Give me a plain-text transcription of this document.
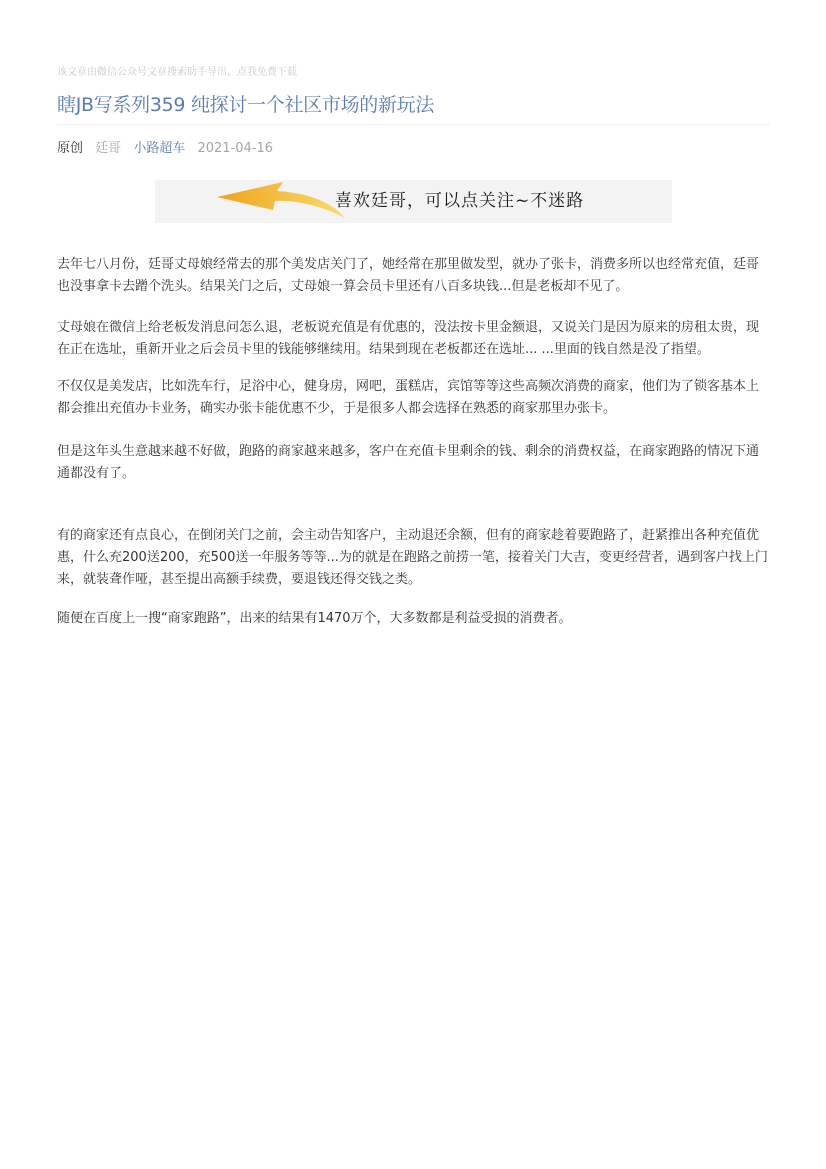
该文章由微信公众号文章搜索助手导出，点我免费下载
瞎JB写系列359 纯探讨一个社区市场的新玩法
原创 廷哥 小路超车 2021-04-16
喜欢廷哥，可以点关注~不迷路

去年七八月份，廷哥丈母娘经常去的那个美发店关门了，她经常在那里做发型，就办了张卡，消费多所以也经常充值，廷哥也没事拿卡去蹭个洗头。结果关门之后，丈母娘一算会员卡里还有八百多块钱...但是老板却不见了。

丈母娘在微信上给老板发消息问怎么退，老板说充值是有优惠的，没法按卡里金额退，又说关门是因为原来的房租太贵，现在正在选址，重新开业之后会员卡里的钱能够继续用。结果到现在老板都还在选址... ...里面的钱自然是没了指望。

不仅仅是美发店，比如洗车行，足浴中心，健身房，网吧，蛋糕店，宾馆等等这些高频次消费的商家，他们为了锁客基本上都会推出充值办卡业务，确实办张卡能优惠不少，于是很多人都会选择在熟悉的商家那里办张卡。

但是这年头生意越来越不好做，跑路的商家越来越多，客户在充值卡里剩余的钱、剩余的消费权益，在商家跑路的情况下通通都没有了。

有的商家还有点良心，在倒闭关门之前，会主动告知客户，主动退还余额，但有的商家趁着要跑路了，赶紧推出各种充值优惠，什么充200送200，充500送一年服务等等...为的就是在跑路之前捞一笔，接着关门大吉，变更经营者，遇到客户找上门来，就装聋作哑，甚至提出高额手续费，要退钱还得交钱之类。

随便在百度上一搜“商家跑路”，出来的结果有1470万个，大多数都是利益受损的消费者。
